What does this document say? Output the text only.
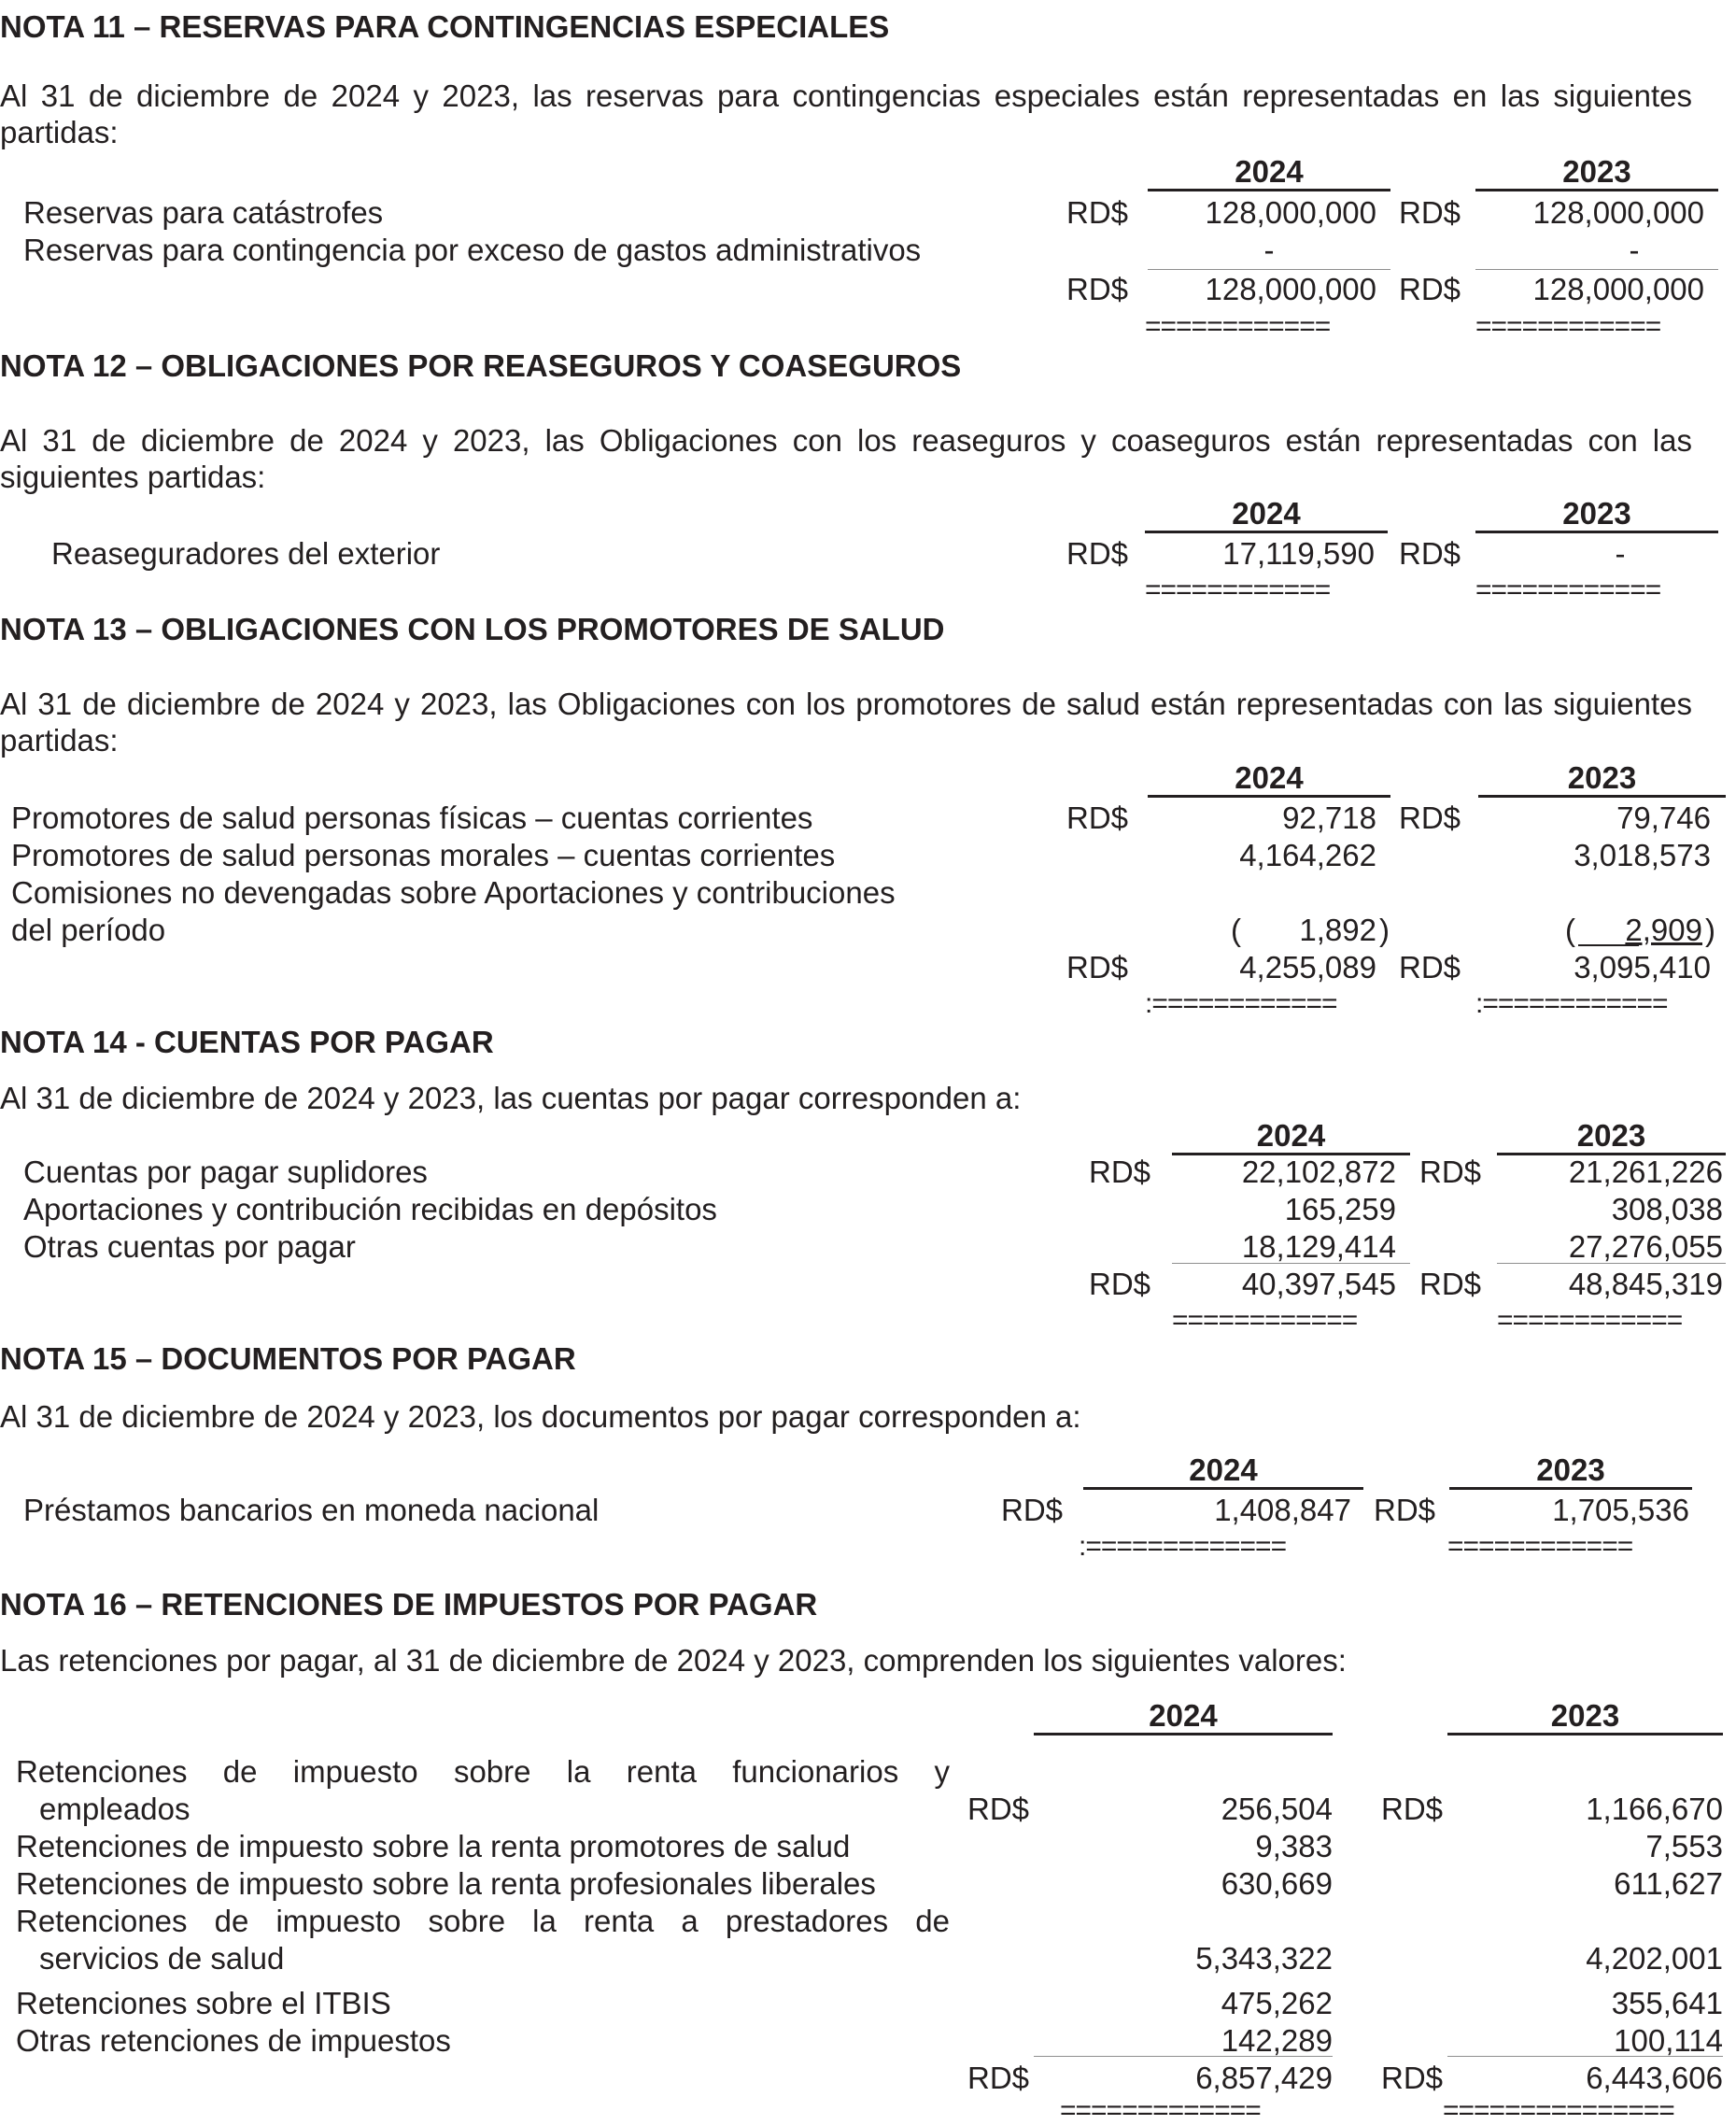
NOTA 11 – RESERVAS PARA CONTINGENCIAS ESPECIALES
Al 31 de diciembre de 2024 y 2023, las reservas para contingencias especiales están representadas en las siguientes partidas:
2024	2023
Reservas para catástrofes	RD$	128,000,000 RD$	128,000,000
Reservas para contingencia por exceso de gastos administrativos	-	-
RD$	128,000,000 RD$	128,000,000
============	============
NOTA 12 – OBLIGACIONES POR REASEGUROS Y COASEGUROS
Al 31 de diciembre de 2024 y 2023, las Obligaciones con los reaseguros y coaseguros están representadas con las siguientes partidas:
2024	2023
Reaseguradores del exterior	RD$	17,119,590 RD$	-
============	============
NOTA 13 – OBLIGACIONES CON LOS PROMOTORES DE SALUD
Al 31 de diciembre de 2024 y 2023, las Obligaciones con los promotores de salud están representadas con las siguientes partidas:
2024	2023
Promotores de salud personas físicas – cuentas corrientes	RD$	92,718 RD$	79,746
Promotores de salud personas morales – cuentas corrientes	4,164,262	3,018,573
Comisiones no devengadas sobre Aportaciones y contribuciones
del período	(	1,892 )	(	2,909 )
RD$	4,255,089 RD$	3,095,410
:============	:============
NOTA 14 - CUENTAS POR PAGAR
Al 31 de diciembre de 2024 y 2023, las cuentas por pagar corresponden a:
2024	2023
Cuentas por pagar suplidores	RD$	22,102,872 RD$	21,261,226
Aportaciones y contribución recibidas en depósitos	165,259	308,038
Otras cuentas por pagar	18,129,414	27,276,055
RD$	40,397,545 RD$	48,845,319
============	============
NOTA 15 – DOCUMENTOS POR PAGAR
Al 31 de diciembre de 2024 y 2023, los documentos por pagar corresponden a:
2024	2023
Préstamos bancarios en moneda nacional	RD$	1,408,847 RD$	1,705,536
:=============	============
NOTA 16 – RETENCIONES DE IMPUESTOS POR PAGAR
Las retenciones por pagar, al 31 de diciembre de 2024 y 2023, comprenden los siguientes valores:
2024	2023
Retenciones de impuesto sobre la renta funcionarios y
empleados	RD$	256,504 RD$	1,166,670
Retenciones de impuesto sobre la renta promotores de salud	9,383	7,553
Retenciones de impuesto sobre la renta profesionales liberales	630,669	611,627
Retenciones de impuesto sobre la renta a prestadores de
servicios de salud	5,343,322	4,202,001
Retenciones sobre el ITBIS	475,262	355,641
Otras retenciones de impuestos	142,289	100,114
RD$	6,857,429 RD$	6,443,606
=============	===============
